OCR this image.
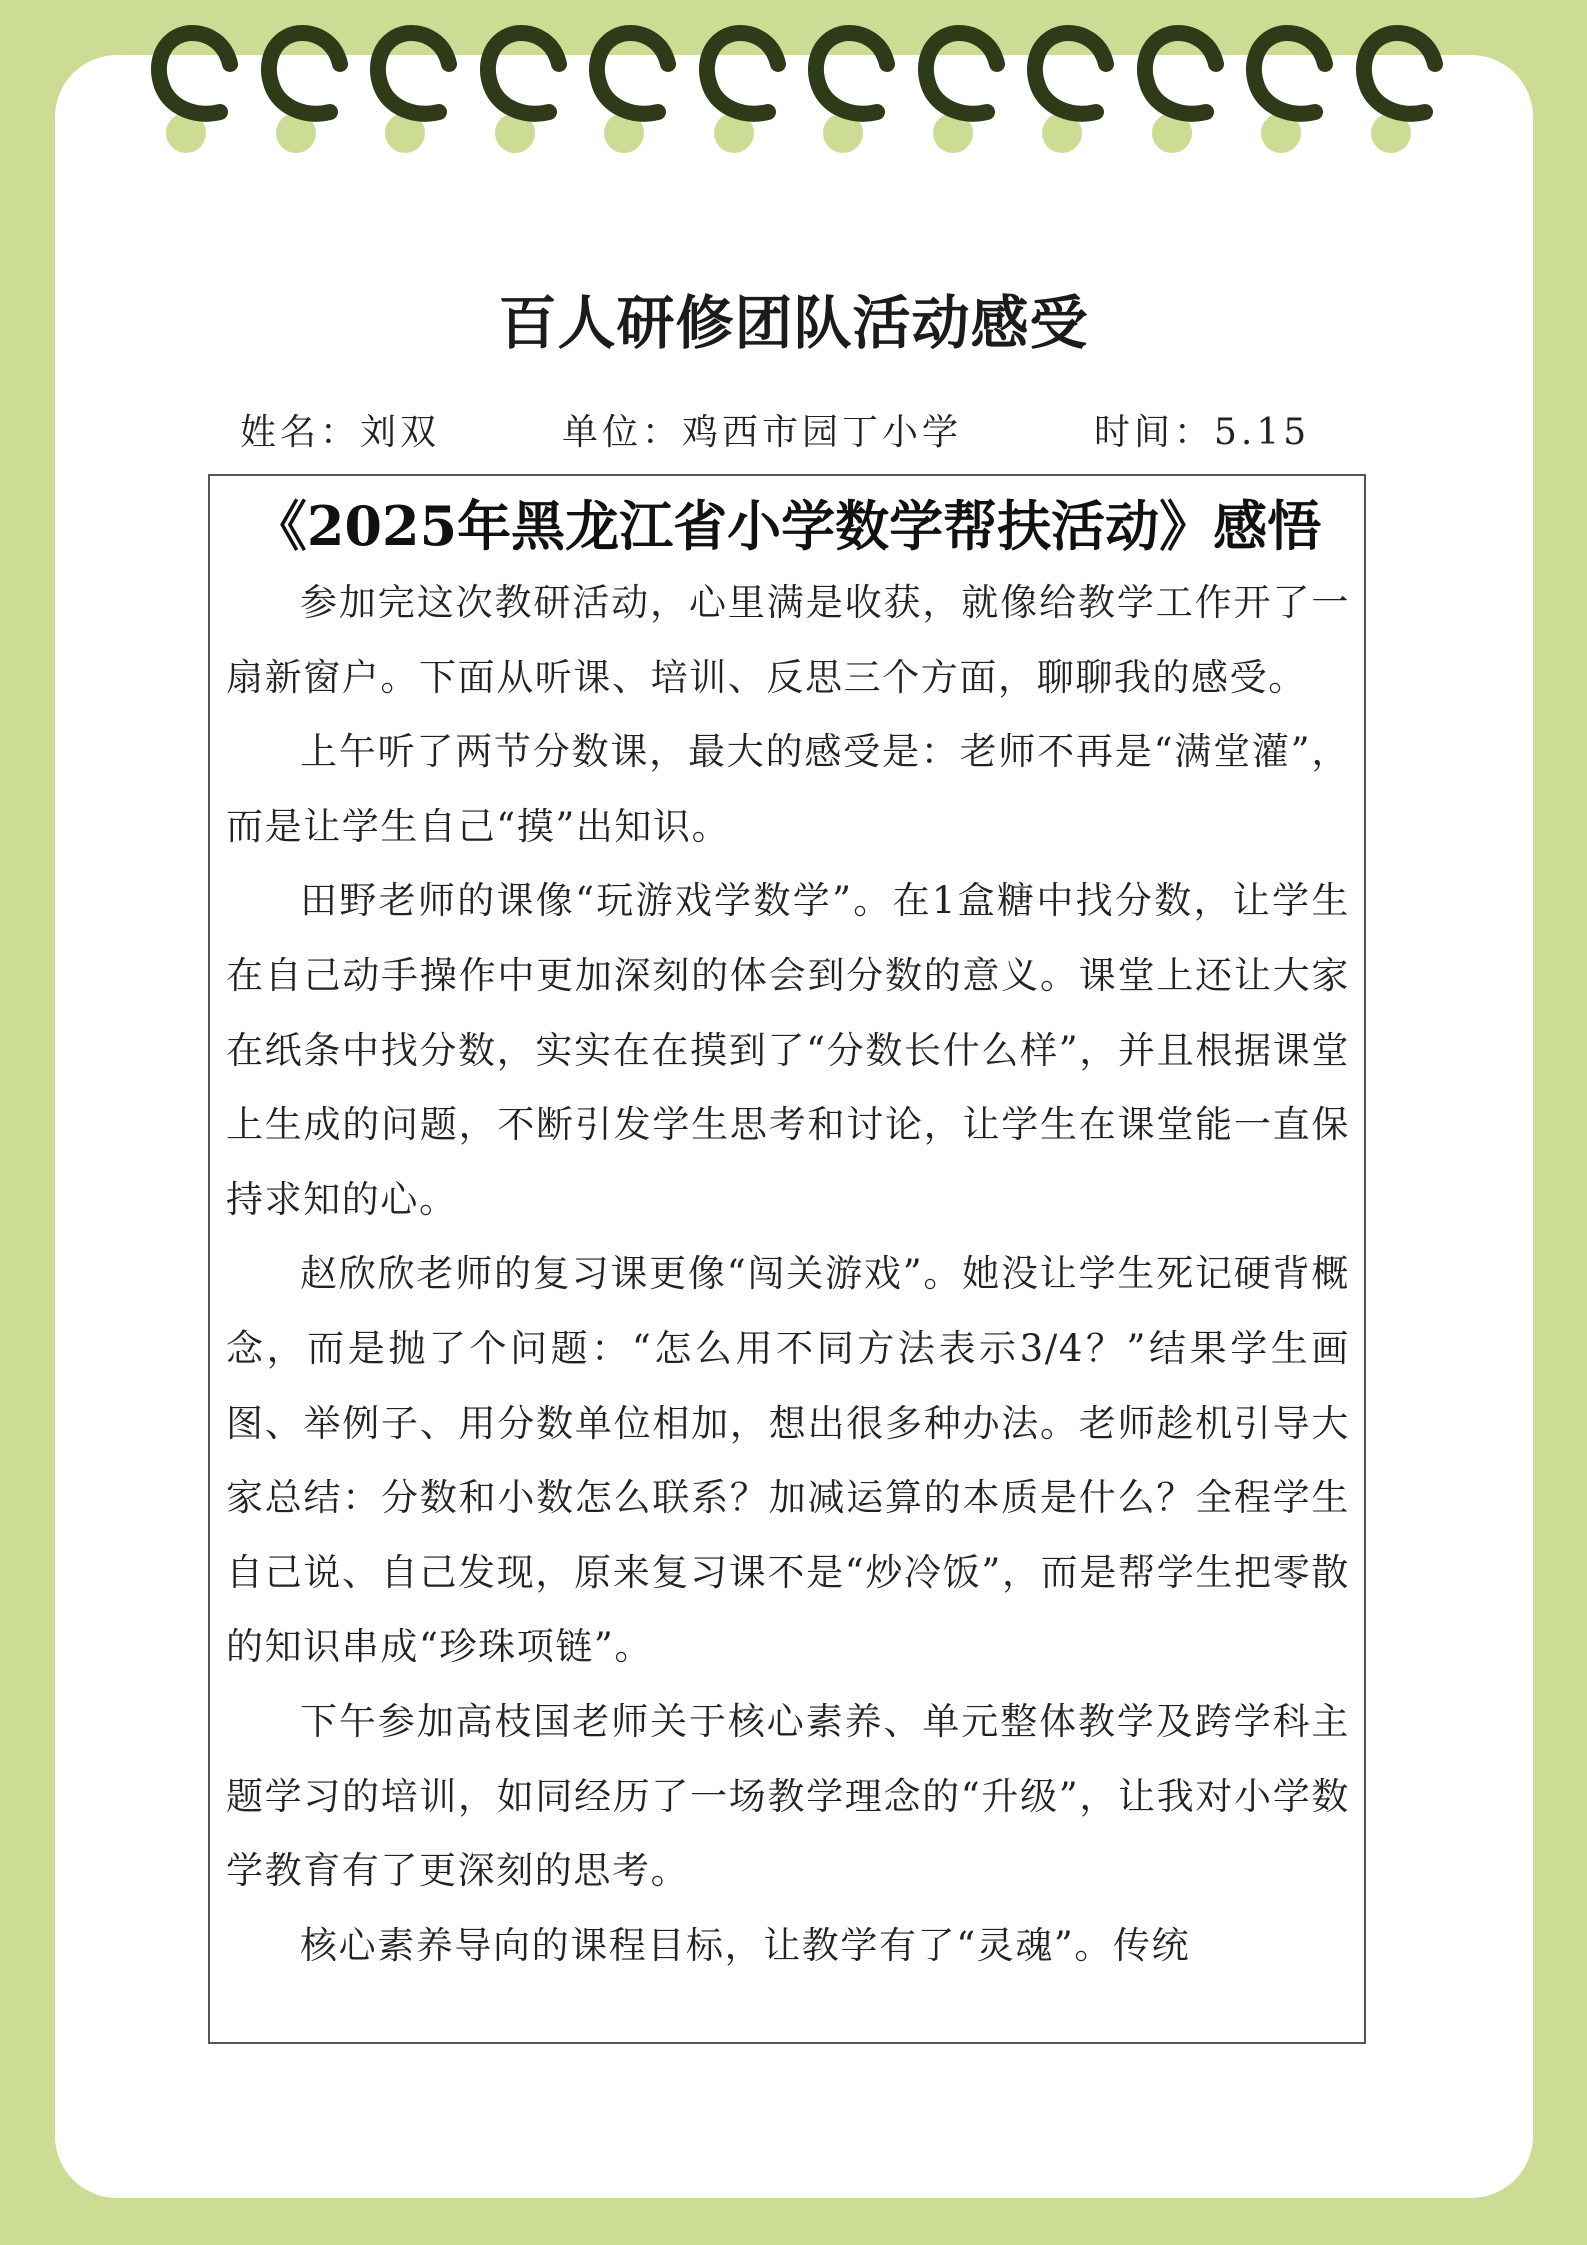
百人研修团队活动感受
姓名：刘双	单位：鸡西市园丁小学	时间：5.15
《2025年黑龙江省小学数学帮扶活动》感悟

参加完这次教研活动，心里满是收获，就像给教学工作开了一扇新窗户。下面从听课、培训、反思三个方面，聊聊我的感受。

上午听了两节分数课，最大的感受是：老师不再是“满堂灌”，而是让学生自己“摸”出知识。

田野老师的课像“玩游戏学数学”。在1盒糖中找分数，让学生在自己动手操作中更加深刻的体会到分数的意义。课堂上还让大家在纸条中找分数，实实在在摸到了“分数长什么样”，并且根据课堂上生成的问题，不断引发学生思考和讨论，让学生在课堂能一直保持求知的心。

赵欣欣老师的复习课更像“闯关游戏”。她没让学生死记硬背概念，而是抛了个问题：“怎么用不同方法表示3/4？”结果学生画图、举例子、用分数单位相加，想出很多种办法。老师趁机引导大家总结：分数和小数怎么联系？加减运算的本质是什么？全程学生自己说、自己发现，原来复习课不是“炒冷饭”，而是帮学生把零散的知识串成“珍珠项链”。

下午参加高枝国老师关于核心素养、单元整体教学及跨学科主题学习的培训，如同经历了一场教学理念的“升级”，让我对小学数学教育有了更深刻的思考。

核心素养导向的课程目标，让教学有了“灵魂”。传统
